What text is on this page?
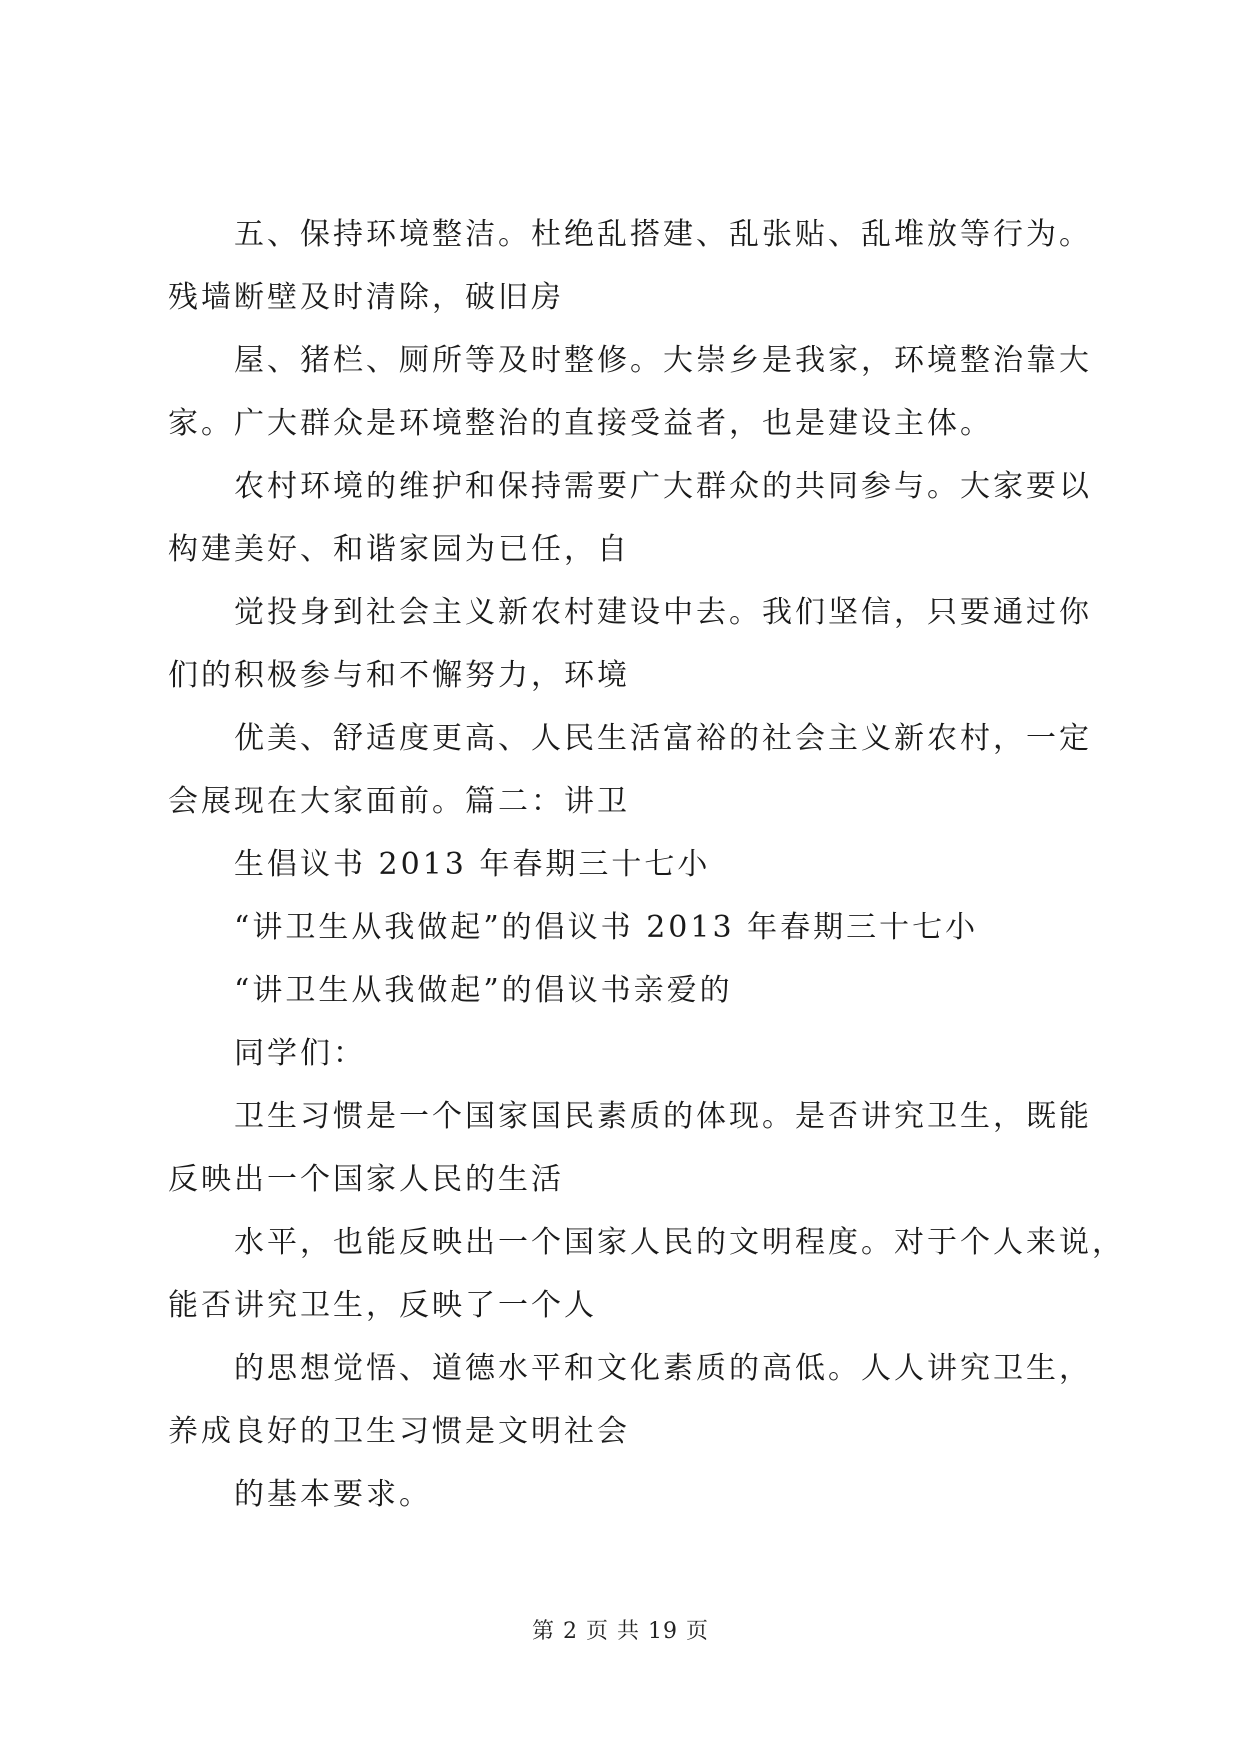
五、保持环境整洁。杜绝乱搭建、乱张贴、乱堆放等行为。
残墙断壁及时清除，破旧房

屋、猪栏、厕所等及时整修。大崇乡是我家，环境整治靠大
家。广大群众是环境整治的直接受益者，也是建设主体。

农村环境的维护和保持需要广大群众的共同参与。大家要以
构建美好、和谐家园为已任，自

觉投身到社会主义新农村建设中去。我们坚信，只要通过你
们的积极参与和不懈努力，环境

优美、舒适度更高、人民生活富裕的社会主义新农村，一定
会展现在大家面前。篇二：讲卫

生倡议书 2013 年春期三十七小

“讲卫生从我做起”的倡议书 2013 年春期三十七小

“讲卫生从我做起”的倡议书亲爱的

同学们：

卫生习惯是一个国家国民素质的体现。是否讲究卫生，既能
反映出一个国家人民的生活

水平，也能反映出一个国家人民的文明程度。对于个人来说，
能否讲究卫生，反映了一个人

的思想觉悟、道德水平和文化素质的高低。人人讲究卫生，
养成良好的卫生习惯是文明社会

的基本要求。

第 2 页 共 19 页
